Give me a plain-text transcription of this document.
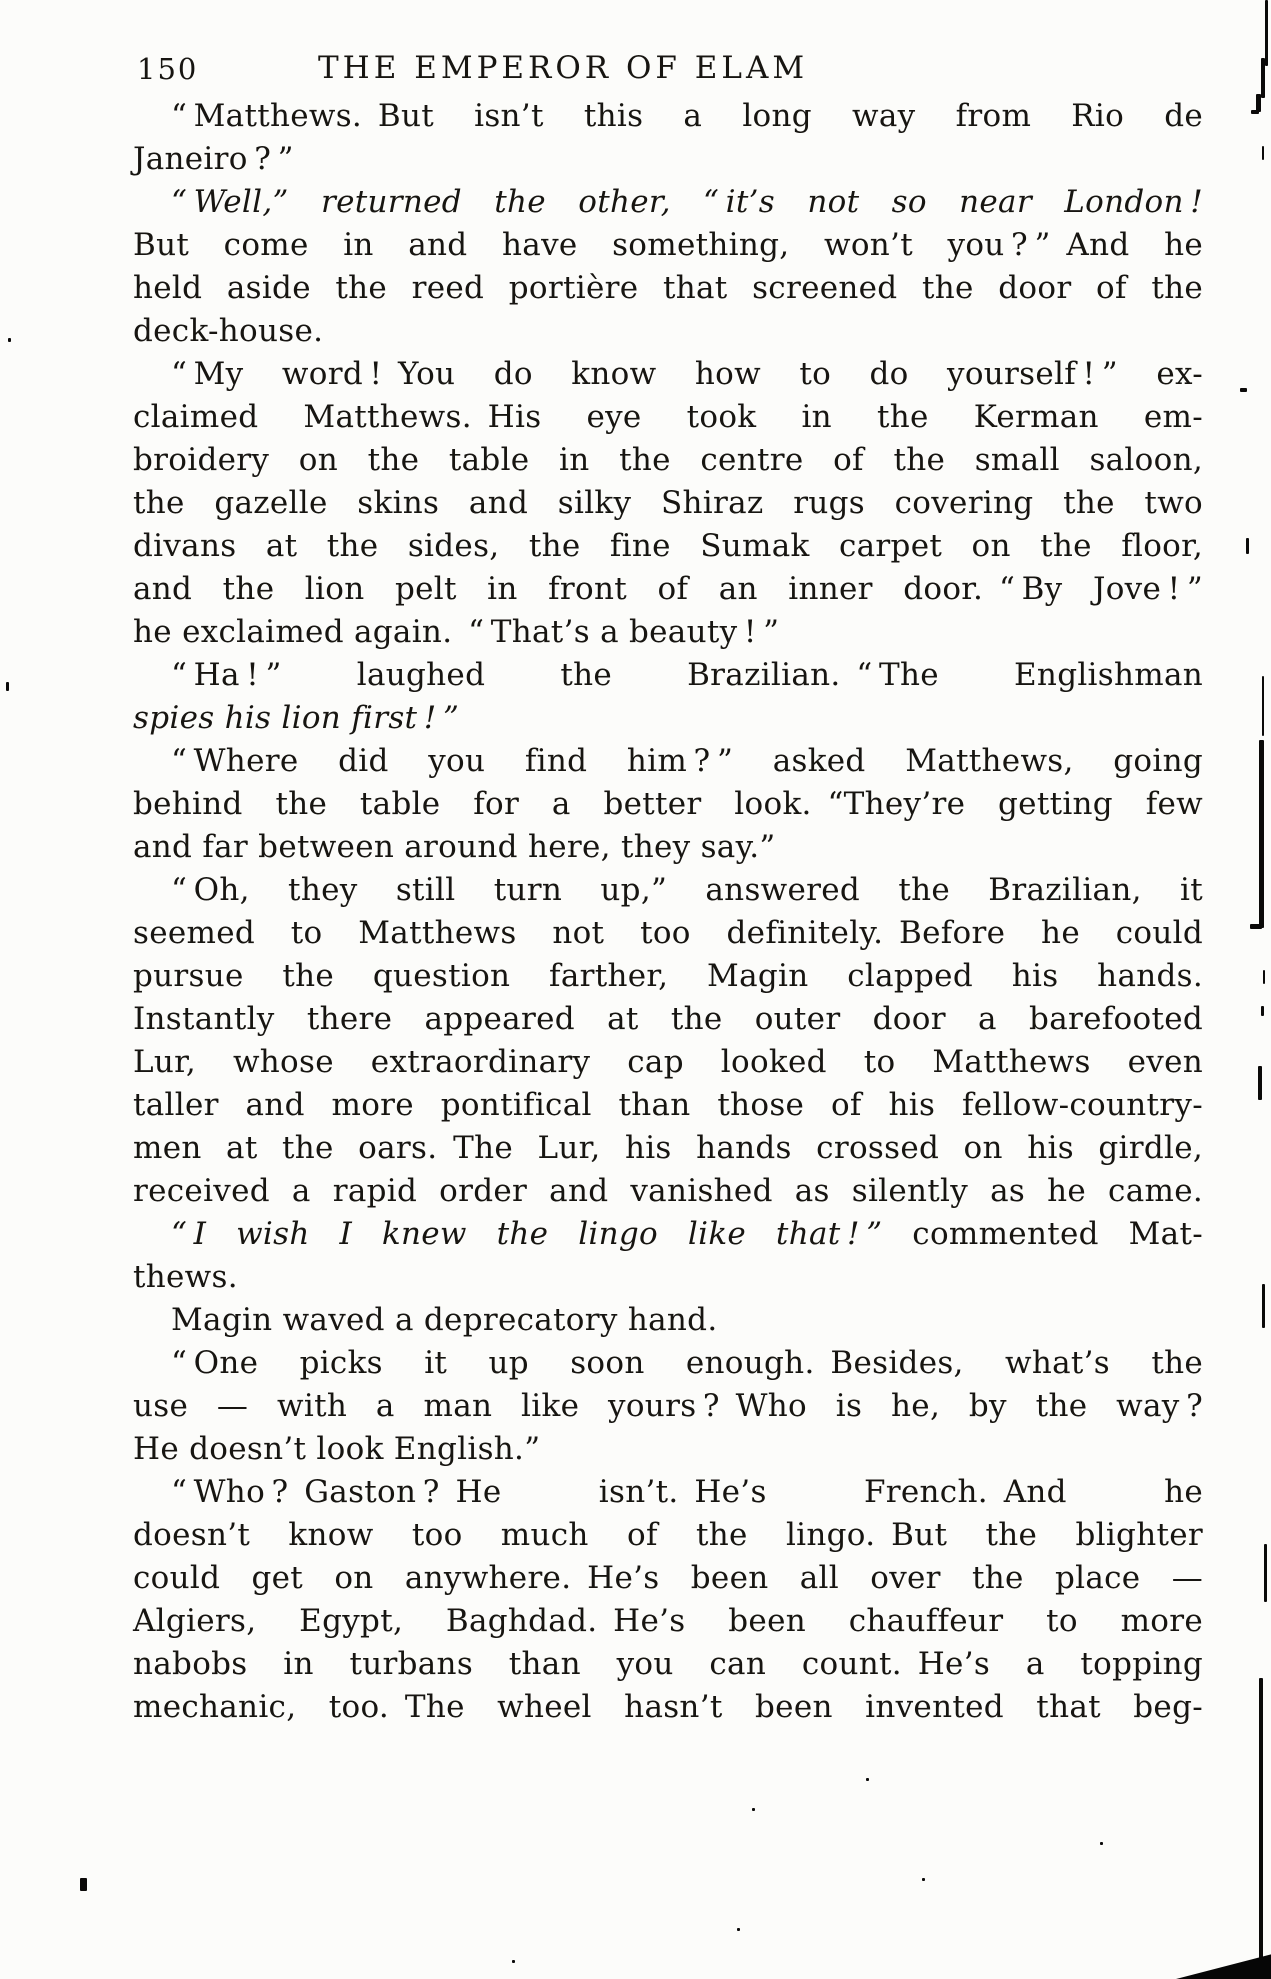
150	THE EMPEROR OF ELAM
“ Matthews. But isn’t this a long way from Rio de
Janeiro ? ”
“ Well,” returned the other, “ it’s not so near London !
But come in and have something, won’t you ? ” And he
held aside the reed portière that screened the door of the
deck-house.
“ My word ! You do know how to do yourself ! ” ex-
claimed Matthews. His eye took in the Kerman em-
broidery on the table in the centre of the small saloon,
the gazelle skins and silky Shiraz rugs covering the two
divans at the sides, the fine Sumak carpet on the floor,
and the lion pelt in front of an inner door. “ By Jove ! ”
he exclaimed again. “ That’s a beauty ! ”
“ Ha ! ” laughed the Brazilian. “ The Englishman
spies his lion first ! ”
“ Where did you find him ? ” asked Matthews, going
behind the table for a better look. “They’re getting few
and far between around here, they say.”
“ Oh, they still turn up,” answered the Brazilian, it
seemed to Matthews not too definitely. Before he could
pursue the question farther, Magin clapped his hands.
Instantly there appeared at the outer door a barefooted
Lur, whose extraordinary cap looked to Matthews even
taller and more pontifical than those of his fellow-country-
men at the oars. The Lur, his hands crossed on his girdle,
received a rapid order and vanished as silently as he came.
“ I wish I knew the lingo like that ! ” commented Mat-
thews.
Magin waved a deprecatory hand.
“ One picks it up soon enough. Besides, what’s the
use — with a man like yours ? Who is he, by the way ?
He doesn’t look English.”
“ Who ? Gaston ? He isn’t. He’s French. And he
doesn’t know too much of the lingo. But the blighter
could get on anywhere. He’s been all over the place —
Algiers, Egypt, Baghdad. He’s been chauffeur to more
nabobs in turbans than you can count. He’s a topping
mechanic, too. The wheel hasn’t been invented that beg-
